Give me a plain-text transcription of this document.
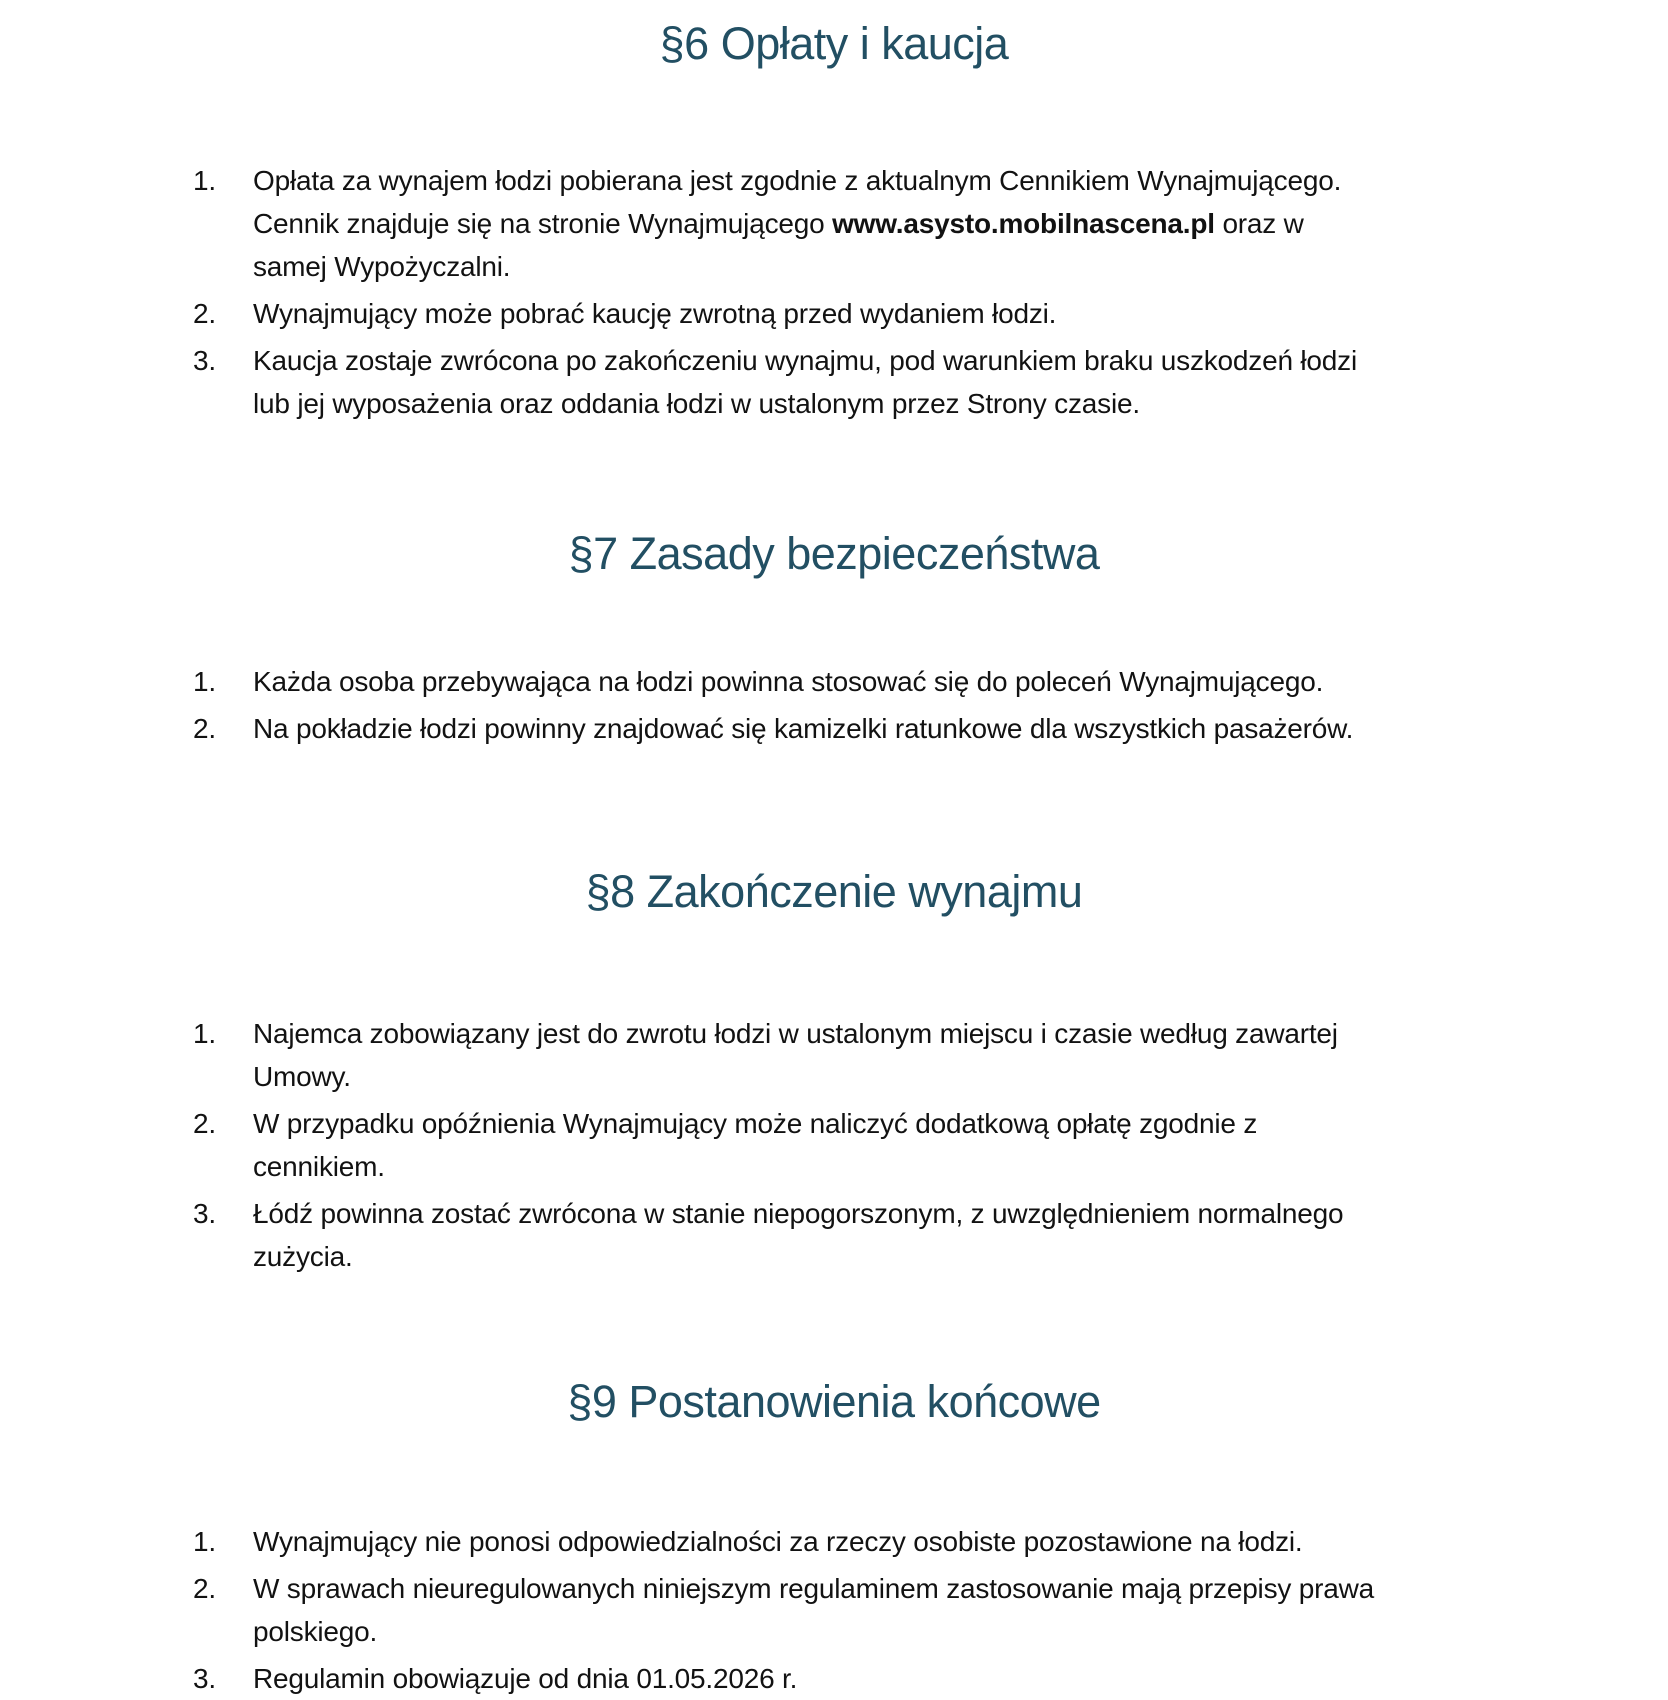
§6 Opłaty i kaucja
1. Opłata za wynajem łodzi pobierana jest zgodnie z aktualnym Cennikiem Wynajmującego.
Cennik znajduje się na stronie Wynajmującego www.asysto.mobilnascena.pl oraz w
samej Wypożyczalni.
2. Wynajmujący może pobrać kaucję zwrotną przed wydaniem łodzi.
3. Kaucja zostaje zwrócona po zakończeniu wynajmu, pod warunkiem braku uszkodzeń łodzi
lub jej wyposażenia oraz oddania łodzi w ustalonym przez Strony czasie.
§7 Zasady bezpieczeństwa
1. Każda osoba przebywająca na łodzi powinna stosować się do poleceń Wynajmującego.
2. Na pokładzie łodzi powinny znajdować się kamizelki ratunkowe dla wszystkich pasażerów.
§8 Zakończenie wynajmu
1. Najemca zobowiązany jest do zwrotu łodzi w ustalonym miejscu i czasie według zawartej
Umowy.
2. W przypadku opóźnienia Wynajmujący może naliczyć dodatkową opłatę zgodnie z
cennikiem.
3. Łódź powinna zostać zwrócona w stanie niepogorszonym, z uwzględnieniem normalnego
zużycia.
§9 Postanowienia końcowe
1. Wynajmujący nie ponosi odpowiedzialności za rzeczy osobiste pozostawione na łodzi.
2. W sprawach nieuregulowanych niniejszym regulaminem zastosowanie mają przepisy prawa
polskiego.
3. Regulamin obowiązuje od dnia 01.05.2026 r.
